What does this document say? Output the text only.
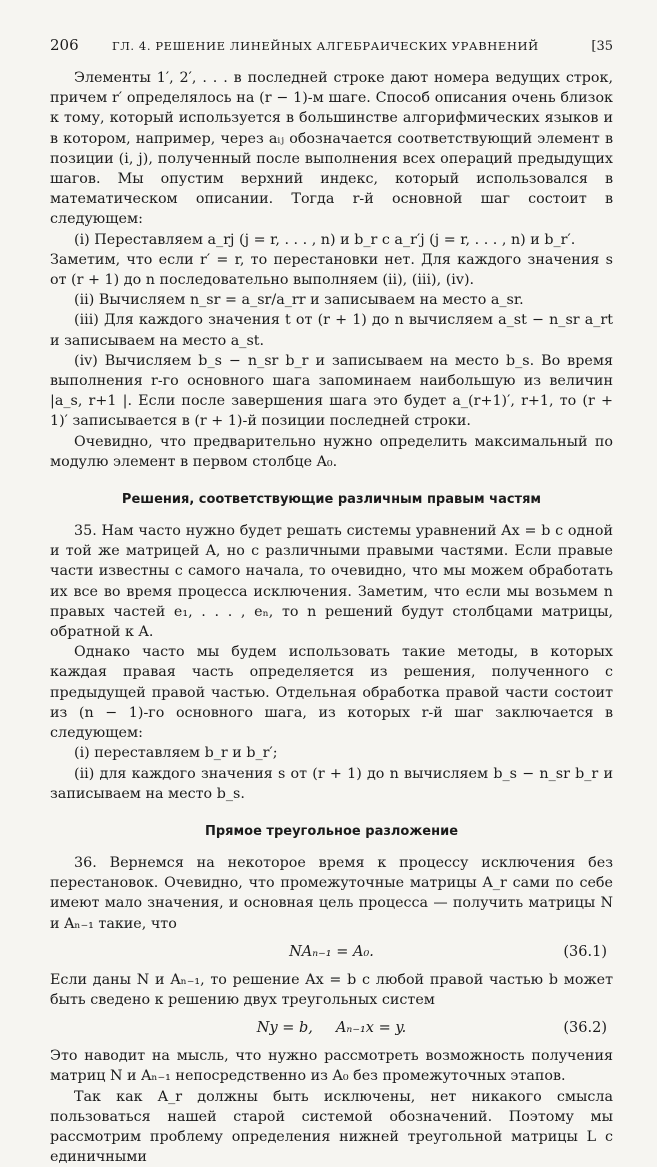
206	ГЛ. 4. РЕШЕНИЕ ЛИНЕЙНЫХ АЛГЕБРАИЧЕСКИХ УРАВНЕНИЙ	[35

Элементы 1′, 2′, . . . в последней строке дают номера ведущих строк, причем r′ определялось на (r − 1)-м шаге. Способ описания очень близок к тому, который используется в большинстве алгорифмических языков и в котором, например, через aᵢⱼ обозначается соответствующий элемент в позиции (i, j), полученный после выполнения всех операций предыдущих шагов. Мы опустим верхний индекс, который использовался в математическом описании. Тогда r-й основной шаг состоит в следующем:

(i) Переставляем a_rj (j = r, . . . , n) и b_r с a_r′j (j = r, . . . , n) и b_r′.

Заметим, что если r′ = r, то перестановки нет. Для каждого значения s от (r + 1) до n последовательно выполняем (ii), (iii), (iv).

(ii) Вычисляем n_sr = a_sr/a_rr и записываем на место a_sr.

(iii) Для каждого значения t от (r + 1) до n вычисляем a_st − n_sr a_rt и записываем на место a_st.

(iv) Вычисляем b_s − n_sr b_r и записываем на место b_s. Во время выполнения r-го основного шага запоминаем наибольшую из величин |a_s, r+1 |. Если после завершения шага это будет a_(r+1)′, r+1, то (r + 1)′ записывается в (r + 1)-й позиции последней строки.

Очевидно, что предварительно нужно определить максимальный по модулю элемент в первом столбце A₀.

Решения, соответствующие различным правым частям

35. Нам часто нужно будет решать системы уравнений Ax = b с одной и той же матрицей A, но с различными правыми частями. Если правые части известны с самого начала, то очевидно, что мы можем обработать их все во время процесса исключения. Заметим, что если мы возьмем n правых частей e₁, . . . , eₙ, то n решений будут столбцами матрицы, обратной к A.

Однако часто мы будем использовать такие методы, в которых каждая правая часть определяется из решения, полученного с предыдущей правой частью. Отдельная обработка правой части состоит из (n − 1)-го основного шага, из которых r-й шаг заключается в следующем:

(i) переставляем b_r и b_r′;

(ii) для каждого значения s от (r + 1) до n вычисляем b_s − n_sr b_r и записываем на место b_s.

Прямое треугольное разложение

36. Вернемся на некоторое время к процессу исключения без перестановок. Очевидно, что промежуточные матрицы A_r сами по себе имеют мало значения, и основная цель процесса — получить матрицы N и Aₙ₋₁ такие, что

NAₙ₋₁ = A₀.	(36.1)

Если даны N и Aₙ₋₁, то решение Ax = b с любой правой частью b может быть сведено к решению двух треугольных систем

Ny = b,     Aₙ₋₁x = y.	(36.2)

Это наводит на мысль, что нужно рассмотреть возможность получения матриц N и Aₙ₋₁ непосредственно из A₀ без промежуточных этапов.

Так как A_r должны быть исключены, нет никакого смысла пользоваться нашей старой системой обозначений. Поэтому мы рассмотрим проблему определения нижней треугольной матрицы L с единичными
